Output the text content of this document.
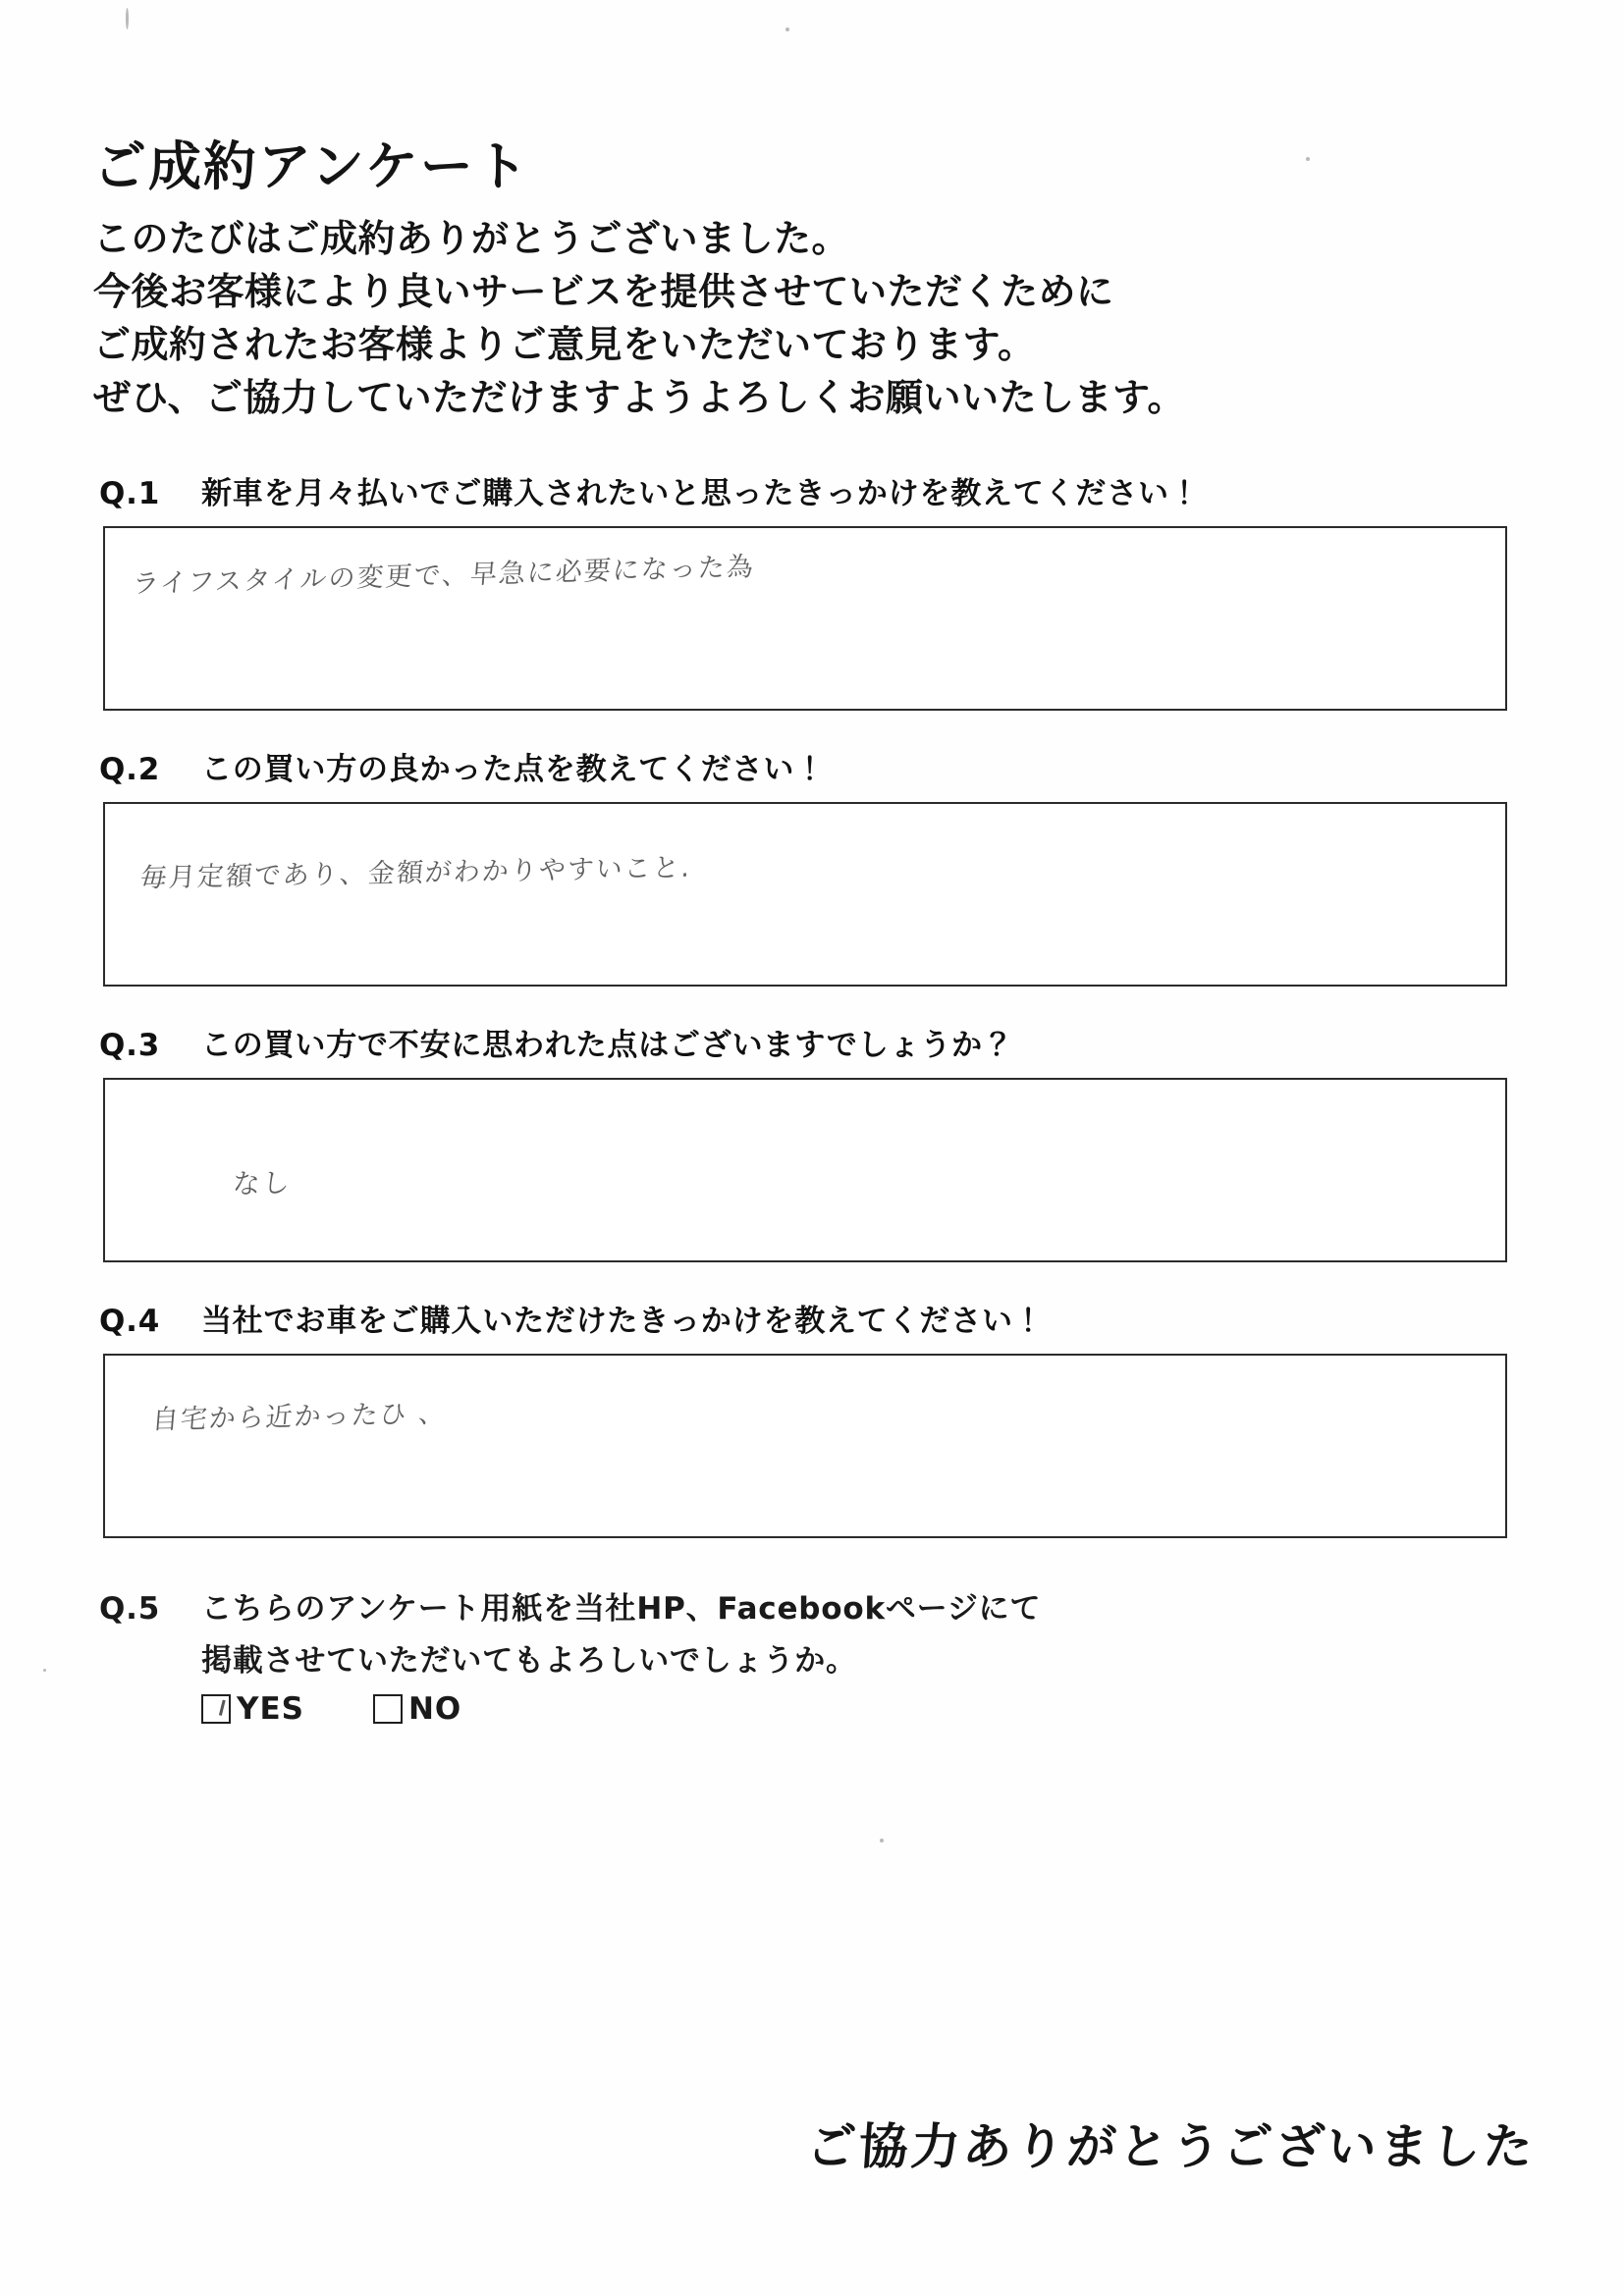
ご成約アンケート
このたびはご成約ありがとうございました。
今後お客様により良いサービスを提供させていただくために
ご成約されたお客様よりご意見をいただいております。
ぜひ、ご協力していただけますようよろしくお願いいたします。
Q.1	新車を月々払いでご購入されたいと思ったきっかけを教えてください！
ライフスタイルの変更で、早急に必要になった為
Q.2	この買い方の良かった点を教えてください！
毎月定額であり、金額がわかりやすいこと.
Q.3	この買い方で不安に思われた点はございますでしょうか？
なし
Q.4	当社でお車をご購入いただけたきっかけを教えてください！
自宅から近かったひ 、
Q.5	こちらのアンケート用紙を当社HP、Facebookページにて
掲載させていただいてもよろしいでしょうか。
YES	NO
ご協力ありがとうございました
